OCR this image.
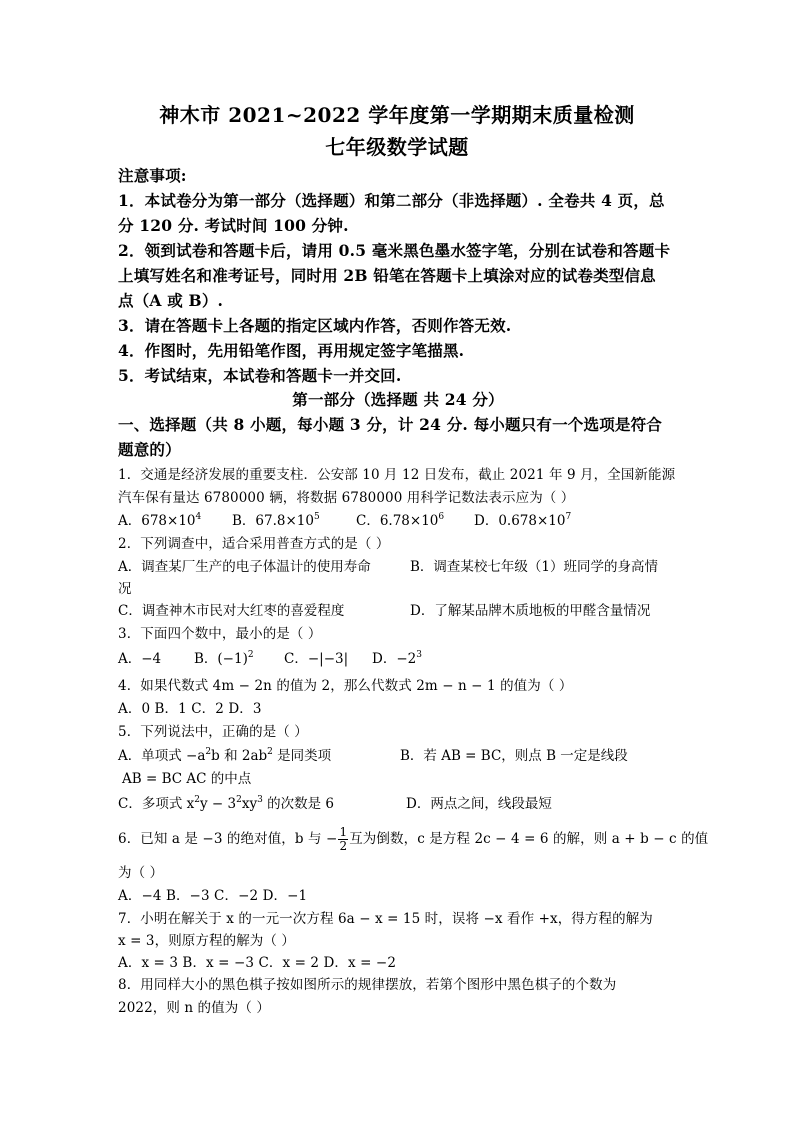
神木市 2021~2022 学年度第一学期期末质量检测
七年级数学试题
注意事项:
1．本试卷分为第一部分（选择题）和第二部分（非选择题）. 全卷共 4 页，总
分 120 分. 考试时间 100 分钟.
2．领到试卷和答题卡后，请用 0.5 毫米黑色墨水签字笔，分别在试卷和答题卡
上填写姓名和准考证号，同时用 2B 铅笔在答题卡上填涂对应的试卷类型信息
点（A 或 B）.
3．请在答题卡上各题的指定区域内作答，否则作答无效.
4．作图时，先用铅笔作图，再用规定签字笔描黑.
5．考试结束，本试卷和答题卡一并交回.
第一部分（选择题 共 24 分）
一、选择题（共 8 小题，每小题 3 分，计 24 分. 每小题只有一个选项是符合
题意的）
1．交通是经济发展的重要支柱．公安部 10 月 12 日发布，截止 2021 年 9 月，全国新能源
汽车保有量达 6780000 辆，将数据 6780000 用科学记数法表示应为（ ）
A．$678\times 10^4$ B．$67.8\times 10^5$	C．$6.78\times 10^6$ D．$0.678\times 10^7$
2．下列调查中，适合采用普查方式的是（ ）
A．调查某厂生产的电子体温计的使用寿命	B．调查某校七年级（1）班同学的身高情
况
C．调查神木市民对大红枣的喜爱程度	D．了解某品牌木质地板的甲醛含量情况
3．下面四个数中，最小的是（ ）
A．−4 B．$(-1)^2$ C．−|−3| D．$-2^3$
4．如果代数式 4m − 2n 的值为 2，那么代数式 2m − n − 1 的值为（ ）
A．0 B．1 C．2 D．3
5．下列说法中，正确的是（ ）
A．单项式 $-a^2b$ 和 $2ab^2$ 是同类项	B．若 AB = BC，则点 B 一定是线段
AB = BC AC 的中点
C．多项式 $x^2y - 3^2xy^3$ 的次数是 6	D．两点之间，线段最短
6．已知 a 是 −3 的绝对值，b 与 − $\frac{1}{2}$ 互为倒数，c 是方程 2c − 4 = 6 的解，则 a + b − c 的值
为（ ）
A．−4 B．−3 C．−2 D．−1
7．小明在解关于 x 的一元一次方程 6a − x = 15 时，误将 −x 看作 +x，得方程的解为
x = 3，则原方程的解为（ ）
A．x = 3 B．x = −3 C．x = 2 D．x = −2
8．用同样大小的黑色棋子按如图所示的规律摆放，若第个图形中黑色棋子的个数为
2022，则 n 的值为（ ）
